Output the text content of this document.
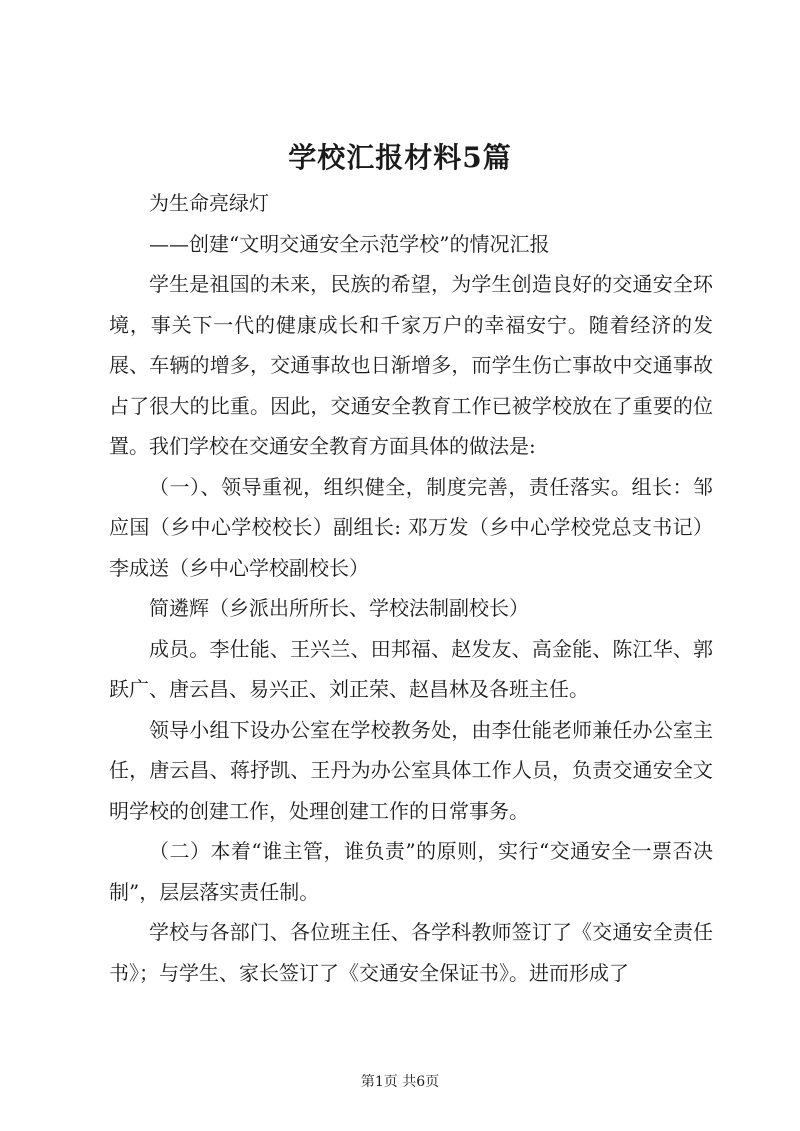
学校汇报材料5篇

为生命亮绿灯

——创建“文明交通安全示范学校”的情况汇报

学生是祖国的未来，民族的希望，为学生创造良好的交通安全环境，事关下一代的健康成长和千家万户的幸福安宁。随着经济的发展、车辆的增多，交通事故也日渐增多，而学生伤亡事故中交通事故占了很大的比重。因此，交通安全教育工作已被学校放在了重要的位置。我们学校在交通安全教育方面具体的做法是:

（一）、领导重视，组织健全，制度完善，责任落实。组长：邹应国（乡中心学校校长）副组长: 邓万发（乡中心学校党总支书记）李成送（乡中心学校副校长）

简遴辉（乡派出所所长、学校法制副校长）

成员。李仕能、王兴兰、田邦福、赵发友、高金能、陈江华、郭跃广、唐云昌、易兴正、刘正荣、赵昌林及各班主任。

领导小组下设办公室在学校教务处，由李仕能老师兼任办公室主任，唐云昌、蒋抒凯、王丹为办公室具体工作人员，负责交通安全文明学校的创建工作，处理创建工作的日常事务。

（二）本着“谁主管，谁负责”的原则，实行“交通安全一票否决制”，层层落实责任制。

学校与各部门、各位班主任、各学科教师签订了《交通安全责任书》；与学生、家长签订了《交通安全保证书》。进而形成了

第1页 共6页
